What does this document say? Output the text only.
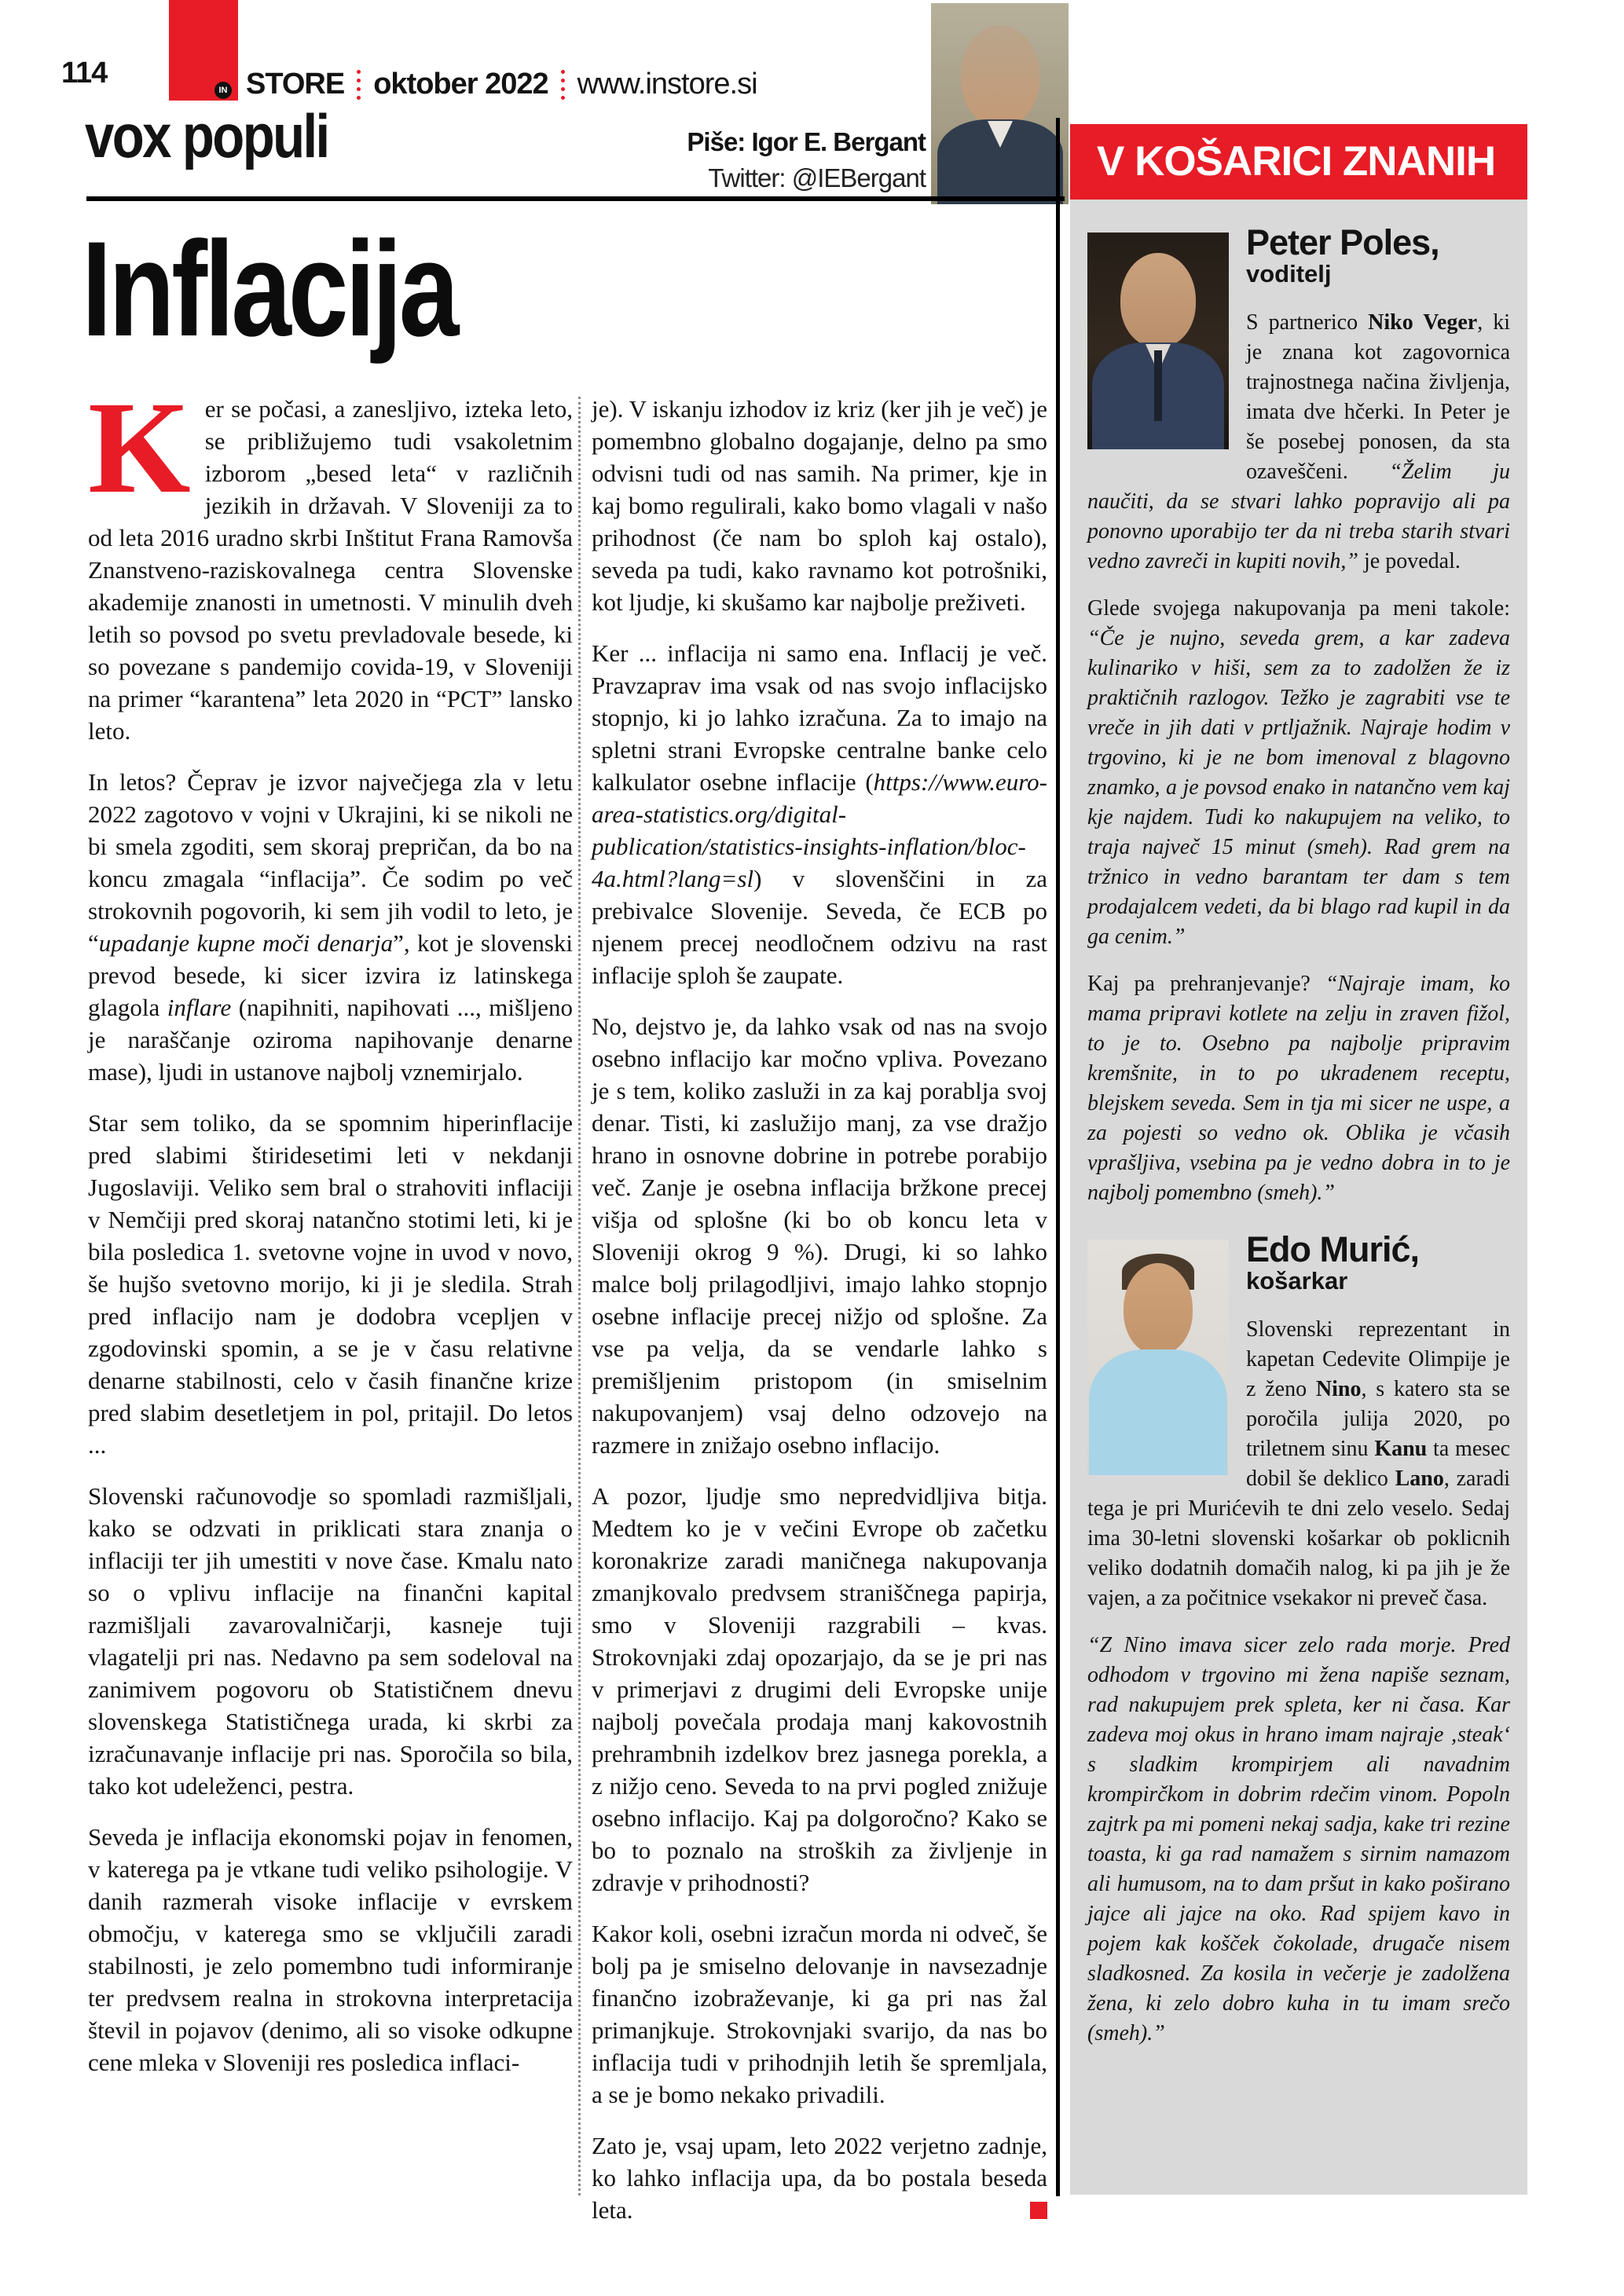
114
IN STORE oktober 2022 www.instore.si
vox populi	Piše: Igor E. Bergant
Twitter: @IEBergant
Inflacija

Ker se počasi, a zanesljivo, izteka leto, se približujemo tudi vsakoletnim izborom „besed leta“ v različnih jezikih in državah. V Sloveniji za to od leta 2016 uradno skrbi Inštitut Frana Ramovša Znanstveno-raziskovalnega centra Slovenske akademije znanosti in umetnosti. V minulih dveh letih so povsod po svetu prevladovale besede, ki so povezane s pandemijo covida-19, v Sloveniji na primer “karantena” leta 2020 in “PCT” lansko leto.

In letos? Čeprav je izvor največjega zla v letu 2022 zagotovo v vojni v Ukrajini, ki se nikoli ne bi smela zgoditi, sem skoraj prepričan, da bo na koncu zmagala “inflacija”. Če sodim po več strokovnih pogovorih, ki sem jih vodil to leto, je “upadanje kupne moči denarja”, kot je slovenski prevod besede, ki sicer izvira iz latinskega glagola inflare (napihniti, napihovati ..., mišljeno je naraščanje oziroma napihovanje denarne mase), ljudi in ustanove najbolj vznemirjalo.

Star sem toliko, da se spomnim hiperinflacije pred slabimi štiridesetimi leti v nekdanji Jugoslaviji. Veliko sem bral o strahoviti inflaciji v Nemčiji pred skoraj natančno stotimi leti, ki je bila posledica 1. svetovne vojne in uvod v novo, še hujšo svetovno morijo, ki ji je sledila. Strah pred inflacijo nam je dodobra vcepljen v zgodovinski spomin, a se je v času relativne denarne stabilnosti, celo v časih finančne krize pred slabim desetletjem in pol, pritajil. Do letos ...

Slovenski računovodje so spomladi razmišljali, kako se odzvati in priklicati stara znanja o inflaciji ter jih umestiti v nove čase. Kmalu nato so o vplivu inflacije na finančni kapital razmišljali zavarovalničarji, kasneje tuji vlagatelji pri nas. Nedavno pa sem sodeloval na zanimivem pogovoru ob Statističnem dnevu slovenskega Statističnega urada, ki skrbi za izračunavanje inflacije pri nas. Sporočila so bila, tako kot udeleženci, pestra.

Seveda je inflacija ekonomski pojav in fenomen, v katerega pa je vtkane tudi veliko psihologije. V danih razmerah visoke inflacije v evrskem območju, v katerega smo se vključili zaradi stabilnosti, je zelo pomembno tudi informiranje ter predvsem realna in strokovna interpretacija števil in pojavov (denimo, ali so visoke odkupne cene mleka v Sloveniji res posledica inflaci-

je). V iskanju izhodov iz kriz (ker jih je več) je pomembno globalno dogajanje, delno pa smo odvisni tudi od nas samih. Na primer, kje in kaj bomo regulirali, kako bomo vlagali v našo prihodnost (če nam bo sploh kaj ostalo), seveda pa tudi, kako ravnamo kot potrošniki, kot ljudje, ki skušamo kar najbolje preživeti.

Ker ... inflacija ni samo ena. Inflacij je več. Pravzaprav ima vsak od nas svojo inflacijsko stopnjo, ki jo lahko izračuna. Za to imajo na spletni strani Evropske centralne banke celo kalkulator osebne inflacije (https://www.euro-area-statistics.org/digital-publication/statistics-insights-inflation/bloc-4a.html?lang=sl) v slovenščini in za prebivalce Slovenije. Seveda, če ECB po njenem precej neodločnem odzivu na rast inflacije sploh še zaupate.

No, dejstvo je, da lahko vsak od nas na svojo osebno inflacijo kar močno vpliva. Povezano je s tem, koliko zasluži in za kaj porablja svoj denar. Tisti, ki zaslužijo manj, za vse dražjo hrano in osnovne dobrine in potrebe porabijo več. Zanje je osebna inflacija bržkone precej višja od splošne (ki bo ob koncu leta v Sloveniji okrog 9 %). Drugi, ki so lahko malce bolj prilagodljivi, imajo lahko stopnjo osebne inflacije precej nižjo od splošne. Za vse pa velja, da se vendarle lahko s premišljenim pristopom (in smiselnim nakupovanjem) vsaj delno odzovejo na razmere in znižajo osebno inflacijo.

A pozor, ljudje smo nepredvidljiva bitja. Medtem ko je v večini Evrope ob začetku koronakrize zaradi maničnega nakupovanja zmanjkovalo predvsem straniščnega papirja, smo v Sloveniji razgrabili – kvas. Strokovnjaki zdaj opozarjajo, da se je pri nas v primerjavi z drugimi deli Evropske unije najbolj povečala prodaja manj kakovostnih prehrambnih izdelkov brez jasnega porekla, a z nižjo ceno. Seveda to na prvi pogled znižuje osebno inflacijo. Kaj pa dolgoročno? Kako se bo to poznalo na stroških za življenje in zdravje v prihodnosti?

Kakor koli, osebni izračun morda ni odveč, še bolj pa je smiselno delovanje in navsezadnje finančno izobraževanje, ki ga pri nas žal primanjkuje. Strokovnjaki svarijo, da nas bo inflacija tudi v prihodnjih letih še spremljala, a se je bomo nekako privadili.

Zato je, vsaj upam, leto 2022 verjetno zadnje, ko lahko inflacija upa, da bo postala beseda leta.

V KOŠARICI ZNANIH
Peter Poles,
voditelj

S partnerico Niko Veger, ki je znana kot zagovornica trajnostnega načina življenja, imata dve hčerki. In Peter je še posebej ponosen, da sta ozaveščeni. “Želim ju naučiti, da se stvari lahko popravijo ali pa ponovno uporabijo ter da ni treba starih stvari vedno zavreči in kupiti novih,” je povedal.

Glede svojega nakupovanja pa meni takole: “Če je nujno, seveda grem, a kar zadeva kulinariko v hiši, sem za to zadolžen že iz praktičnih razlogov. Težko je zagrabiti vse te vreče in jih dati v prtljažnik. Najraje hodim v trgovino, ki je ne bom imenoval z blagovno znamko, a je povsod enako in natančno vem kaj kje najdem. Tudi ko nakupujem na veliko, to traja največ 15 minut (smeh). Rad grem na tržnico in vedno barantam ter dam s tem prodajalcem vedeti, da bi blago rad kupil in da ga cenim.”

Kaj pa prehranjevanje? “Najraje imam, ko mama pripravi kotlete na zelju in zraven fižol, to je to. Osebno pa najbolje pripravim kremšnite, in to po ukradenem receptu, blejskem seveda. Sem in tja mi sicer ne uspe, a za pojesti so vedno ok. Oblika je včasih vprašljiva, vsebina pa je vedno dobra in to je najbolj pomembno (smeh).”

Edo Murić,
košarkar

Slovenski reprezentant in kapetan Cedevite Olimpije je z ženo Nino, s katero sta se poročila julija 2020, po triletnem sinu Kanu ta mesec dobil še deklico Lano, zaradi tega je pri Murićevih te dni zelo veselo. Sedaj ima 30-letni slovenski košarkar ob poklicnih veliko dodatnih domačih nalog, ki pa jih je že vajen, a za počitnice vsekakor ni preveč časa.

“Z Nino imava sicer zelo rada morje. Pred odhodom v trgovino mi žena napiše seznam, rad nakupujem prek spleta, ker ni časa. Kar zadeva moj okus in hrano imam najraje ‚steak‘ s sladkim krompirjem ali navadnim krompirčkom in dobrim rdečim vinom. Popoln zajtrk pa mi pomeni nekaj sadja, kake tri rezine toasta, ki ga rad namažem s sirnim namazom ali humusom, na to dam pršut in kako poširano jajce ali jajce na oko. Rad spijem kavo in pojem kak košček čokolade, drugače nisem sladkosned. Za kosila in večerje je zadolžena žena, ki zelo dobro kuha in tu imam srečo (smeh).”
